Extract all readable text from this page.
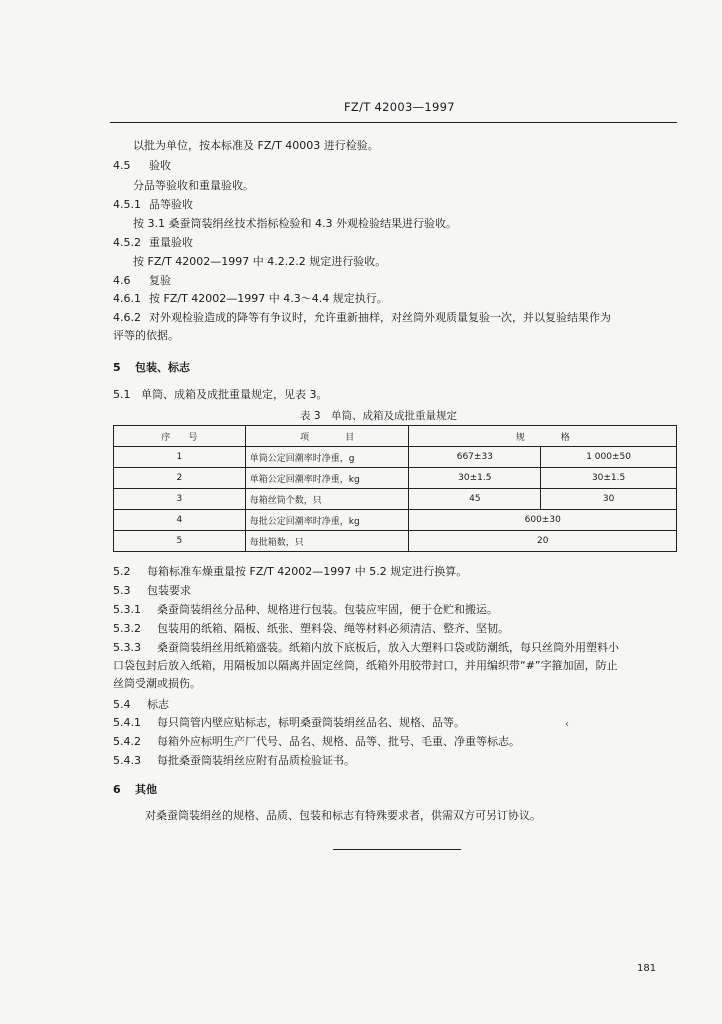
FZ/T 42003—1997
以批为单位，按本标准及 FZ/T 40003 进行检验。
4.5 验收
分品等验收和重量验收。
4.5.1 品等验收
按 3.1 桑蚕筒装绢丝技术指标检验和 4.3 外观检验结果进行验收。
4.5.2 重量验收
按 FZ/T 42002—1997 中 4.2.2.2 规定进行验收。
4.6 复验
4.6.1 按 FZ/T 42002—1997 中 4.3～4.4 规定执行。
4.6.2 对外观检验造成的降等有争议时，允许重新抽样，对丝筒外观质量复验一次，并以复验结果作为
评等的依据。
5 包装、标志
5.1 单筒、成箱及成批重量规定，见表 3。
表 3　单筒、成箱及成批重量规定
序　　号	项　　　　目	规　　　　格	
1	单筒公定回潮率时净重，g	667±33	1 000±50
2	单箱公定回潮率时净重，kg	30±1.5	30±1.5
3	每箱丝筒个数，只	45	30
4	每批公定回潮率时净重，kg	600±30	
5	每批箱数，只	20	
5.2 每箱标准车燥重量按 FZ/T 42002—1997 中 5.2 规定进行换算。
5.3 包装要求
5.3.1 桑蚕筒装绢丝分品种、规格进行包装。包装应牢固，便于仓贮和搬运。
5.3.2 包装用的纸箱、隔板、纸张、塑料袋、绳等材料必须清洁、整齐、坚韧。
5.3.3 桑蚕筒装绢丝用纸箱盛装。纸箱内放下底板后，放入大塑料口袋或防潮纸，每只丝筒外用塑料小
口袋包封后放入纸箱，用隔板加以隔离并固定丝筒，纸箱外用胶带封口，并用编织带“#”字箍加固，防止
丝筒受潮或损伤。
5.4 标志
5.4.1 每只筒管内壁应贴标志，标明桑蚕筒装绢丝品名、规格、品等。	‹
5.4.2 每箱外应标明生产厂代号、品名、规格、品等、批号、毛重、净重等标志。
5.4.3 每批桑蚕筒装绢丝应附有品质检验证书。
6 其他
对桑蚕筒装绢丝的规格、品质、包装和标志有特殊要求者，供需双方可另订协议。
181
